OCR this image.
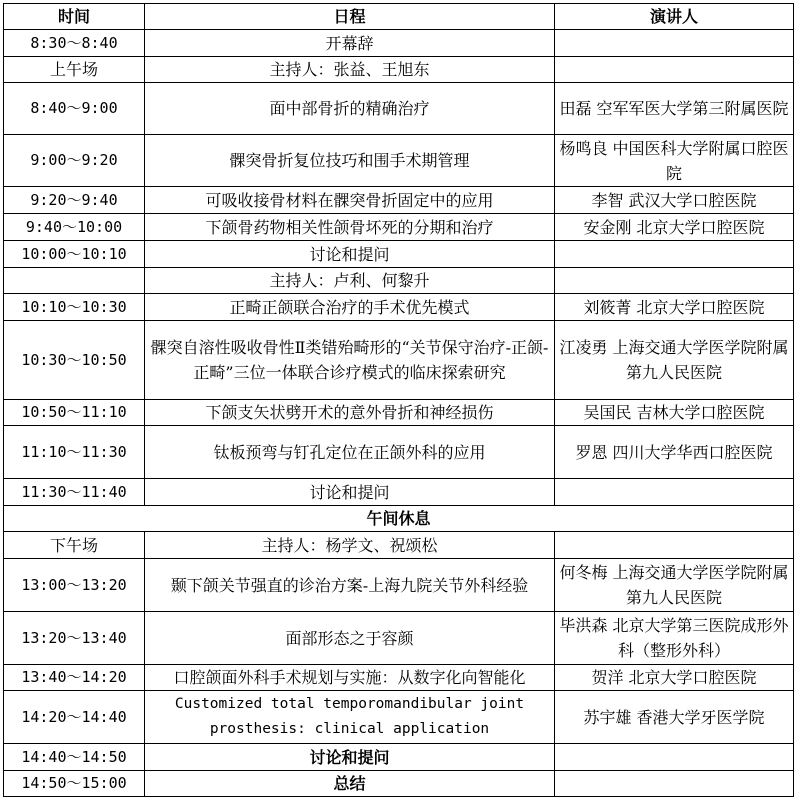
时间	日程	演讲人
8:30～8:40	开幕辞	
上午场	主持人：张益、王旭东	
8:40～9:00	面中部骨折的精确治疗	田磊 空军军医大学第三附属医院
9:00～9:20	髁突骨折复位技巧和围手术期管理	杨鸣良 中国医科大学附属口腔医院
9:20～9:40	可吸收接骨材料在髁突骨折固定中的应用	李智 武汉大学口腔医院
9:40～10:00	下颌骨药物相关性颌骨坏死的分期和治疗	安金刚 北京大学口腔医院
10:00～10:10	讨论和提问	
	主持人：卢利、何黎升	
10:10～10:30	正畸正颌联合治疗的手术优先模式	刘筱菁 北京大学口腔医院
10:30～10:50	髁突自溶性吸收骨性Ⅱ类错殆畸形的“关节保守治疗-正颌-正畸”三位一体联合诊疗模式的临床探索研究	江凌勇 上海交通大学医学院附属第九人民医院
10:50～11:10	下颌支矢状劈开术的意外骨折和神经损伤	吴国民 吉林大学口腔医院
11:10～11:30	钛板预弯与钉孔定位在正颌外科的应用	罗恩 四川大学华西口腔医院
11:30～11:40	讨论和提问	
午间休息		
下午场	主持人：杨学文、祝颂松	
13:00～13:20	颞下颌关节强直的诊治方案-上海九院关节外科经验	何冬梅 上海交通大学医学院附属第九人民医院
13:20～13:40	面部形态之于容颜	毕洪森 北京大学第三医院成形外科（整形外科）
13:40～14:20	口腔颌面外科手术规划与实施：从数字化向智能化	贺洋 北京大学口腔医院
14:20～14:40	Customized total temporomandibular joint prosthesis: clinical application	苏宇雄 香港大学牙医学院
14:40～14:50	讨论和提问	
14:50～15:00	总结	
